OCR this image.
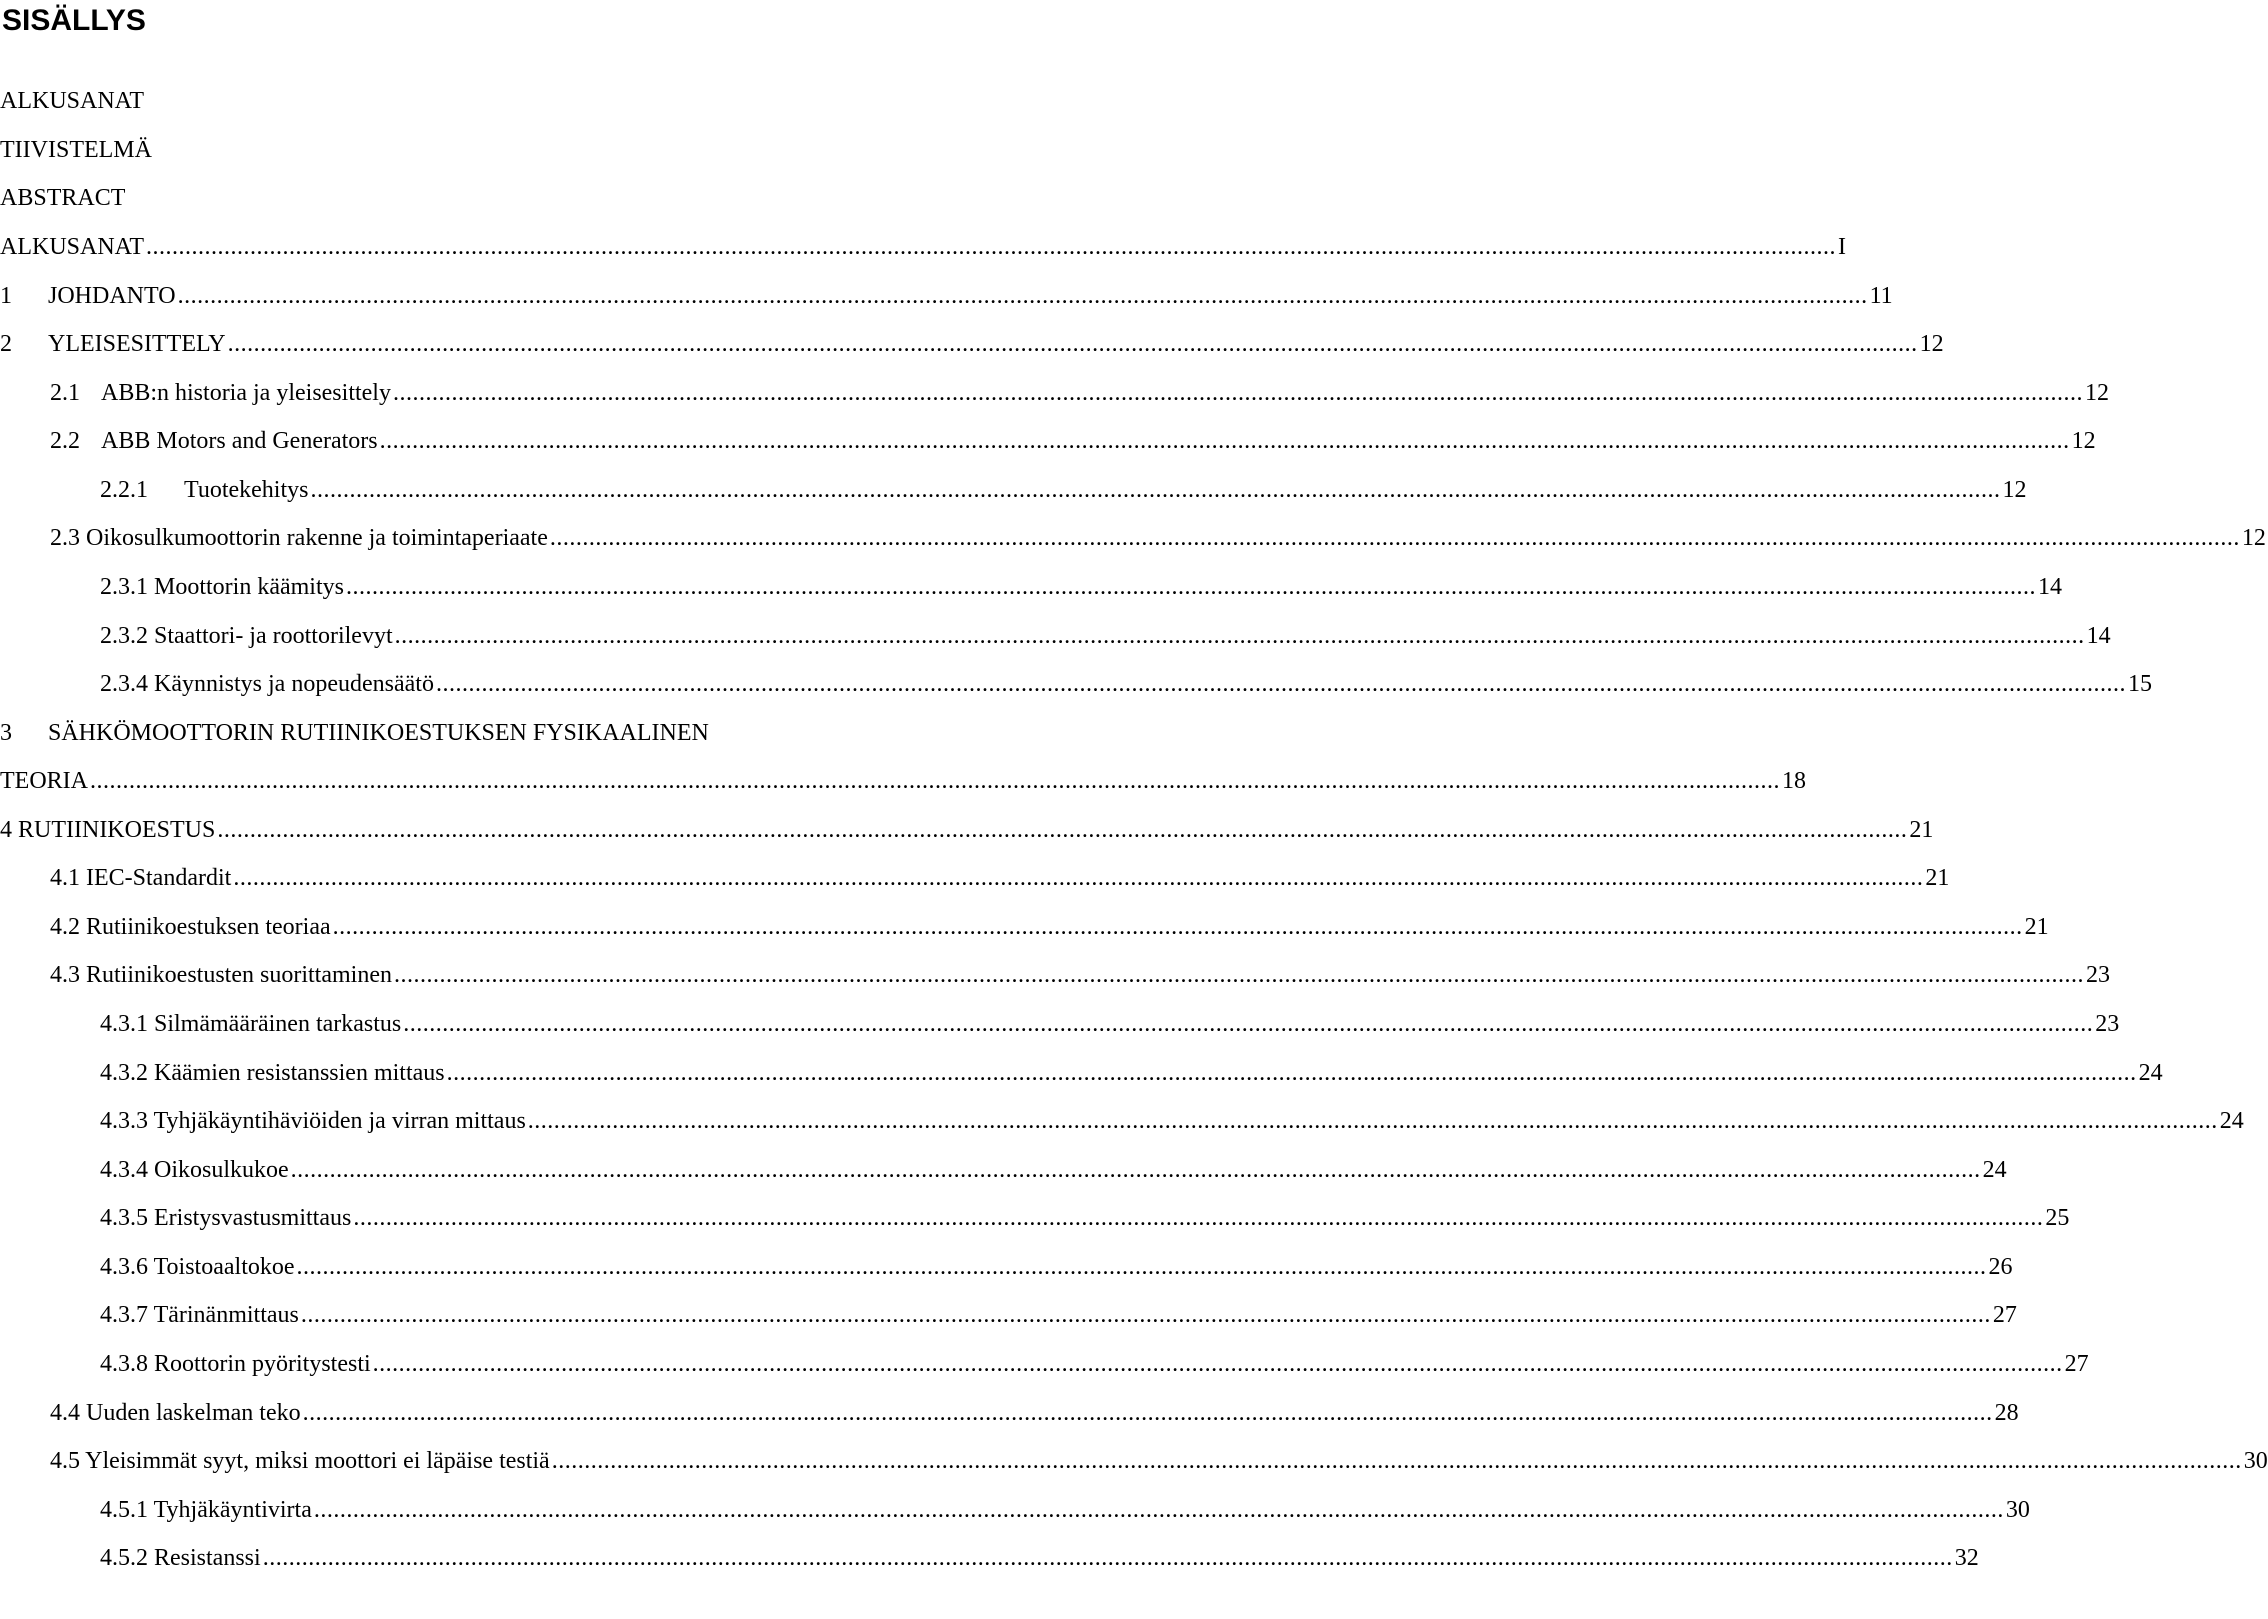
SISÄLLYS
ALKUSANAT
TIIVISTELMÄ
ABSTRACT
ALKUSANAT .................................................................................................................................................................................................................................................................... I
1	JOHDANTO .................................................................................................................................................................................................................................................................... 11
2	YLEISESITTELY .................................................................................................................................................................................................................................................................... 12
2.1 ABB:n historia ja yleisesittely .................................................................................................................................................................................................................................................................... 12
2.2 ABB Motors and Generators .................................................................................................................................................................................................................................................................... 12
2.2.1	Tuotekehitys .................................................................................................................................................................................................................................................................... 12
2.3 Oikosulkumoottorin rakenne ja toimintaperiaate .................................................................................................................................................................................................................................................................... 12
2.3.1 Moottorin käämitys .................................................................................................................................................................................................................................................................... 14
2.3.2 Staattori- ja roottorilevyt .................................................................................................................................................................................................................................................................... 14
2.3.4 Käynnistys ja nopeudensäätö .................................................................................................................................................................................................................................................................... 15
3	SÄHKÖMOOTTORIN RUTIINIKOESTUKSEN FYSIKAALINEN
TEORIA .................................................................................................................................................................................................................................................................... 18
4 RUTIINIKOESTUS .................................................................................................................................................................................................................................................................... 21
4.1 IEC-Standardit .................................................................................................................................................................................................................................................................... 21
4.2 Rutiinikoestuksen teoriaa .................................................................................................................................................................................................................................................................... 21
4.3 Rutiinikoestusten suorittaminen .................................................................................................................................................................................................................................................................... 23
4.3.1 Silmämääräinen tarkastus .................................................................................................................................................................................................................................................................... 23
4.3.2 Käämien resistanssien mittaus .................................................................................................................................................................................................................................................................... 24
4.3.3 Tyhjäkäyntihäviöiden ja virran mittaus .................................................................................................................................................................................................................................................................... 24
4.3.4 Oikosulkukoe .................................................................................................................................................................................................................................................................... 24
4.3.5 Eristysvastusmittaus .................................................................................................................................................................................................................................................................... 25
4.3.6 Toistoaaltokoe .................................................................................................................................................................................................................................................................... 26
4.3.7 Tärinänmittaus .................................................................................................................................................................................................................................................................... 27
4.3.8 Roottorin pyöritystesti .................................................................................................................................................................................................................................................................... 27
4.4 Uuden laskelman teko .................................................................................................................................................................................................................................................................... 28
4.5 Yleisimmät syyt, miksi moottori ei läpäise testiä .................................................................................................................................................................................................................................................................... 30
4.5.1 Tyhjäkäyntivirta .................................................................................................................................................................................................................................................................... 30
4.5.2 Resistanssi .................................................................................................................................................................................................................................................................... 32
